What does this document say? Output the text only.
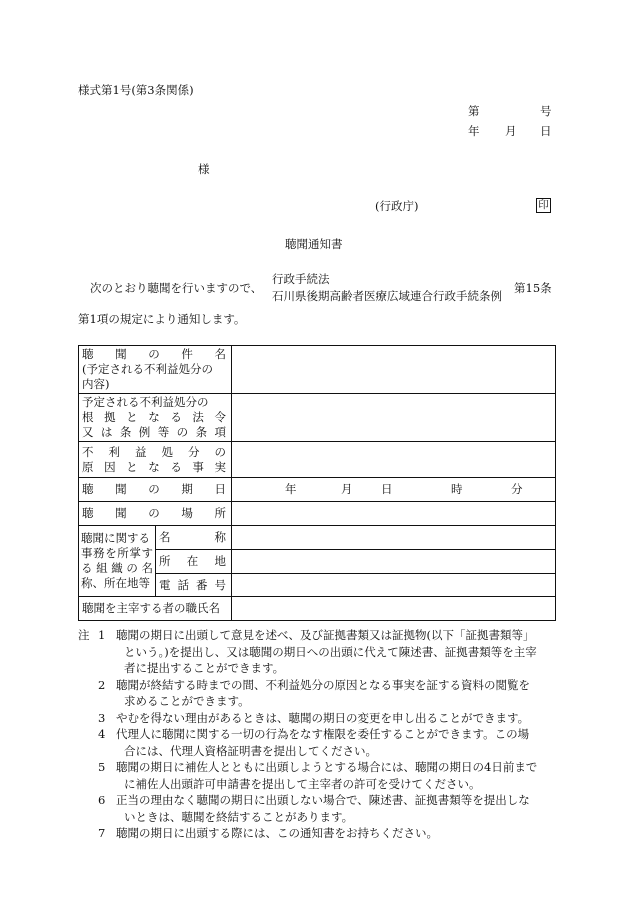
様式第1号(第3条関係)
第	号
年 月 日
様
(行政庁)	印
聴聞通知書
次のとおり聴聞を行いますので、
行政手続法
石川県後期高齢者医療広域連合行政手続条例
第15条
第1項の規定により通知します。
聴 聞 の 件 名
(予定される不利益処分の
内容)		

予定される不利益処分の
根拠となる法令
又は条例等の条項		

不利益処分の
原因となる事実		

聴 聞 の 期 日		年 月 日 時 分

聴 聞 の 場 所		

聴聞に関する
事務を所掌す
る組織の名
称、所在地等	名 称	

	所 在 地	

	電 話 番 号	

聴聞を主宰する者の職氏名		

注 1 聴聞の期日に出頭して意見を述べ、及び証拠書類又は証拠物(以下「証拠書類等」
という。)を提出し、又は聴聞の期日への出頭に代えて陳述書、証拠書類等を主宰
者に提出することができます。
2 聴聞が終結する時までの間、不利益処分の原因となる事実を証する資料の閲覧を
求めることができます。
3 やむを得ない理由があるときは、聴聞の期日の変更を申し出ることができます。
4 代理人に聴聞に関する一切の行為をなす権限を委任することができます。この場
合には、代理人資格証明書を提出してください。
5 聴聞の期日に補佐人とともに出頭しようとする場合には、聴聞の期日の4日前まで
に補佐人出頭許可申請書を提出して主宰者の許可を受けてください。
6 正当の理由なく聴聞の期日に出頭しない場合で、陳述書、証拠書類等を提出しな
いときは、聴聞を終結することがあります。
7 聴聞の期日に出頭する際には、この通知書をお持ちください。
